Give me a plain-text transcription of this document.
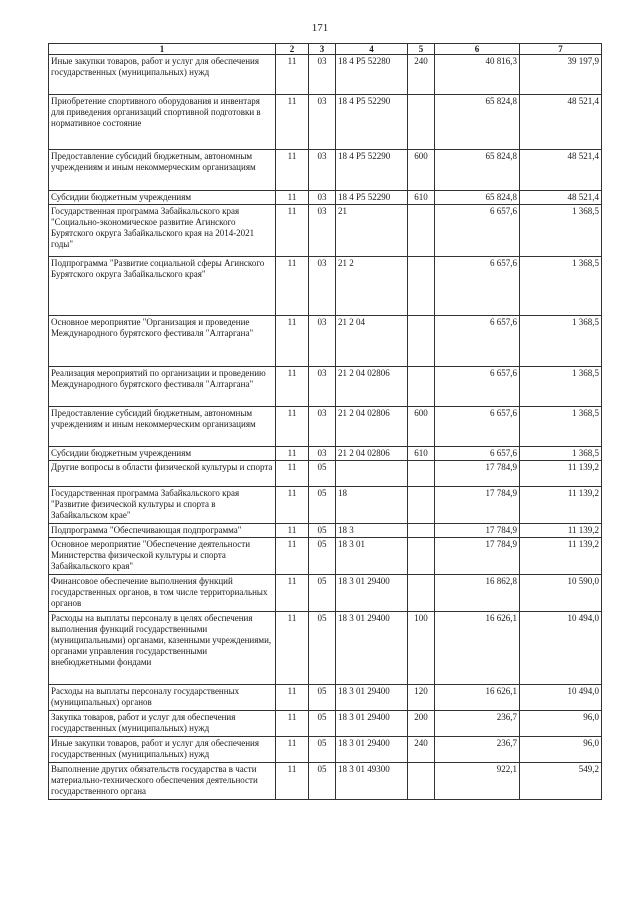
171
1	2	3	4	5	6	7
Иные закупки товаров, работ и услуг для обеспечения государственных (муниципальных) нужд	11	03	18 4 P5 52280	240	40 816,3	39 197,9
Приобретение спортивного оборудования и инвентаря для приведения организаций спортивной подготовки в нормативное состояние	11	03	18 4 P5 52290		65 824,8	48 521,4
Предоставление субсидий бюджетным, автономным учреждениям и иным некоммерческим организациям	11	03	18 4 P5 52290	600	65 824,8	48 521,4
Субсидии бюджетным учреждениям	11	03	18 4 P5 52290	610	65 824,8	48 521,4
Государственная программа Забайкальского края "Социально-экономическое развитие Агинского Бурятского округа Забайкальского края на 2014-2021 годы"	11	03	21		6 657,6	1 368,5
Подпрограмма "Развитие социальной сферы Агинского Бурятского округа Забайкальского края"	11	03	21 2		6 657,6	1 368,5
Основное мероприятие "Организация и проведение Международного бурятского фестиваля "Алтаргана"	11	03	21 2 04		6 657,6	1 368,5
Реализация мероприятий по организации и проведению Международного бурятского фестиваля "Алтаргана"	11	03	21 2 04 02806		6 657,6	1 368,5
Предоставление субсидий бюджетным, автономным учреждениям и иным некоммерческим организациям	11	03	21 2 04 02806	600	6 657,6	1 368,5
Субсидии бюджетным учреждениям	11	03	21 2 04 02806	610	6 657,6	1 368,5
Другие вопросы в области физической культуры и спорта	11	05			17 784,9	11 139,2
Государственная программа Забайкальского края "Развитие физической культуры и спорта в Забайкальском крае"	11	05	18		17 784,9	11 139,2
Подпрограмма "Обеспечивающая подпрограмма"	11	05	18 3		17 784,9	11 139,2
Основное мероприятие "Обеспечение деятельности Министерства физической культуры и спорта Забайкальского края"	11	05	18 3 01		17 784,9	11 139,2
Финансовое обеспечение выполнения функций государственных органов, в том числе территориальных органов	11	05	18 3 01 29400		16 862,8	10 590,0
Расходы на выплаты персоналу в целях обеспечения выполнения функций государственными (муниципальными) органами, казенными учреждениями, органами управления государственными внебюджетными фондами	11	05	18 3 01 29400	100	16 626,1	10 494,0
Расходы на выплаты персоналу государственных (муниципальных) органов	11	05	18 3 01 29400	120	16 626,1	10 494,0
Закупка товаров, работ и услуг для обеспечения государственных (муниципальных) нужд	11	05	18 3 01 29400	200	236,7	96,0
Иные закупки товаров, работ и услуг для обеспечения государственных (муниципальных) нужд	11	05	18 3 01 29400	240	236,7	96,0
Выполнение других обязательств государства в части материально-технического обеспечения деятельности государственного органа	11	05	18 3 01 49300		922,1	549,2
